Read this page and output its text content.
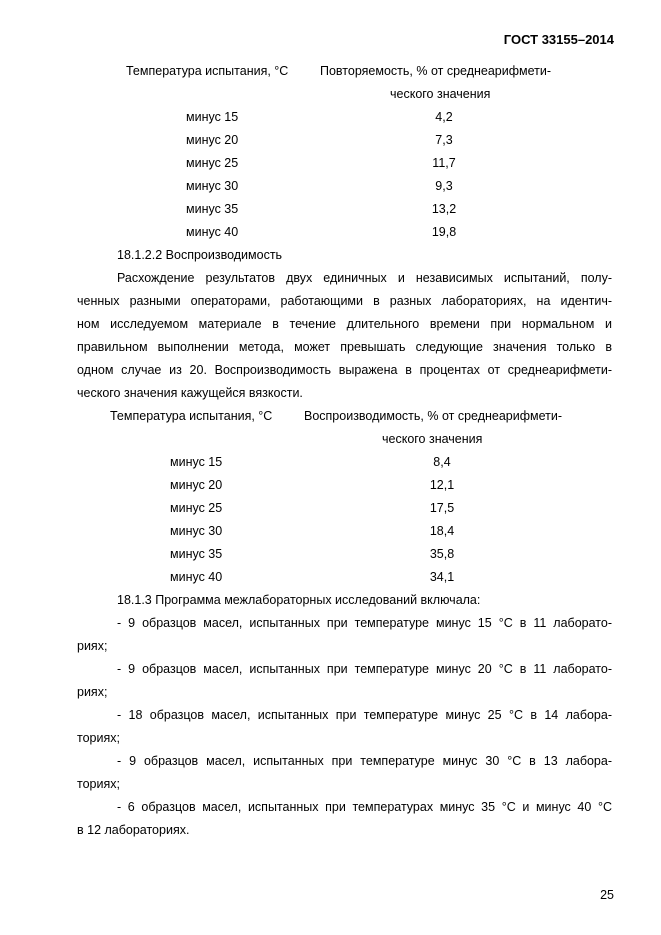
ГОСТ 33155–2014
Температура испытания, °С	Повторяемость, % от среднеарифмети-
ческого значения
минус 15	4,2
минус 20	7,3
минус 25	11,7
минус 30	9,3
минус 35	13,2
минус 40	19,8
18.1.2.2 Воспроизводимость
Расхождение результатов двух единичных и независимых испытаний, полу-
ченных разными операторами, работающими в разных лабораториях, на идентич-
ном исследуемом материале в течение длительного времени при нормальном и
правильном выполнении метода, может превышать следующие значения только в
одном случае из 20. Воспроизводимость выражена в процентах от среднеарифмети-
ческого значения кажущейся вязкости.
Температура испытания, °С	Воспроизводимость, % от среднеарифмети-
ческого значения
минус 15	8,4
минус 20	12,1
минус 25	17,5
минус 30	18,4
минус 35	35,8
минус 40	34,1
18.1.3 Программа межлабораторных исследований включала:
- 9 образцов масел, испытанных при температуре минус 15 °С в 11 лаборато-
риях;
- 9 образцов масел, испытанных при температуре минус 20 °С в 11 лаборато-
риях;
- 18 образцов масел, испытанных при температуре минус 25 °С в 14 лабора-
ториях;
- 9 образцов масел, испытанных при температуре минус 30 °С в 13 лабора-
ториях;
- 6 образцов масел, испытанных при температурах минус 35 °С и минус 40 °С
в 12 лабораториях.
25
